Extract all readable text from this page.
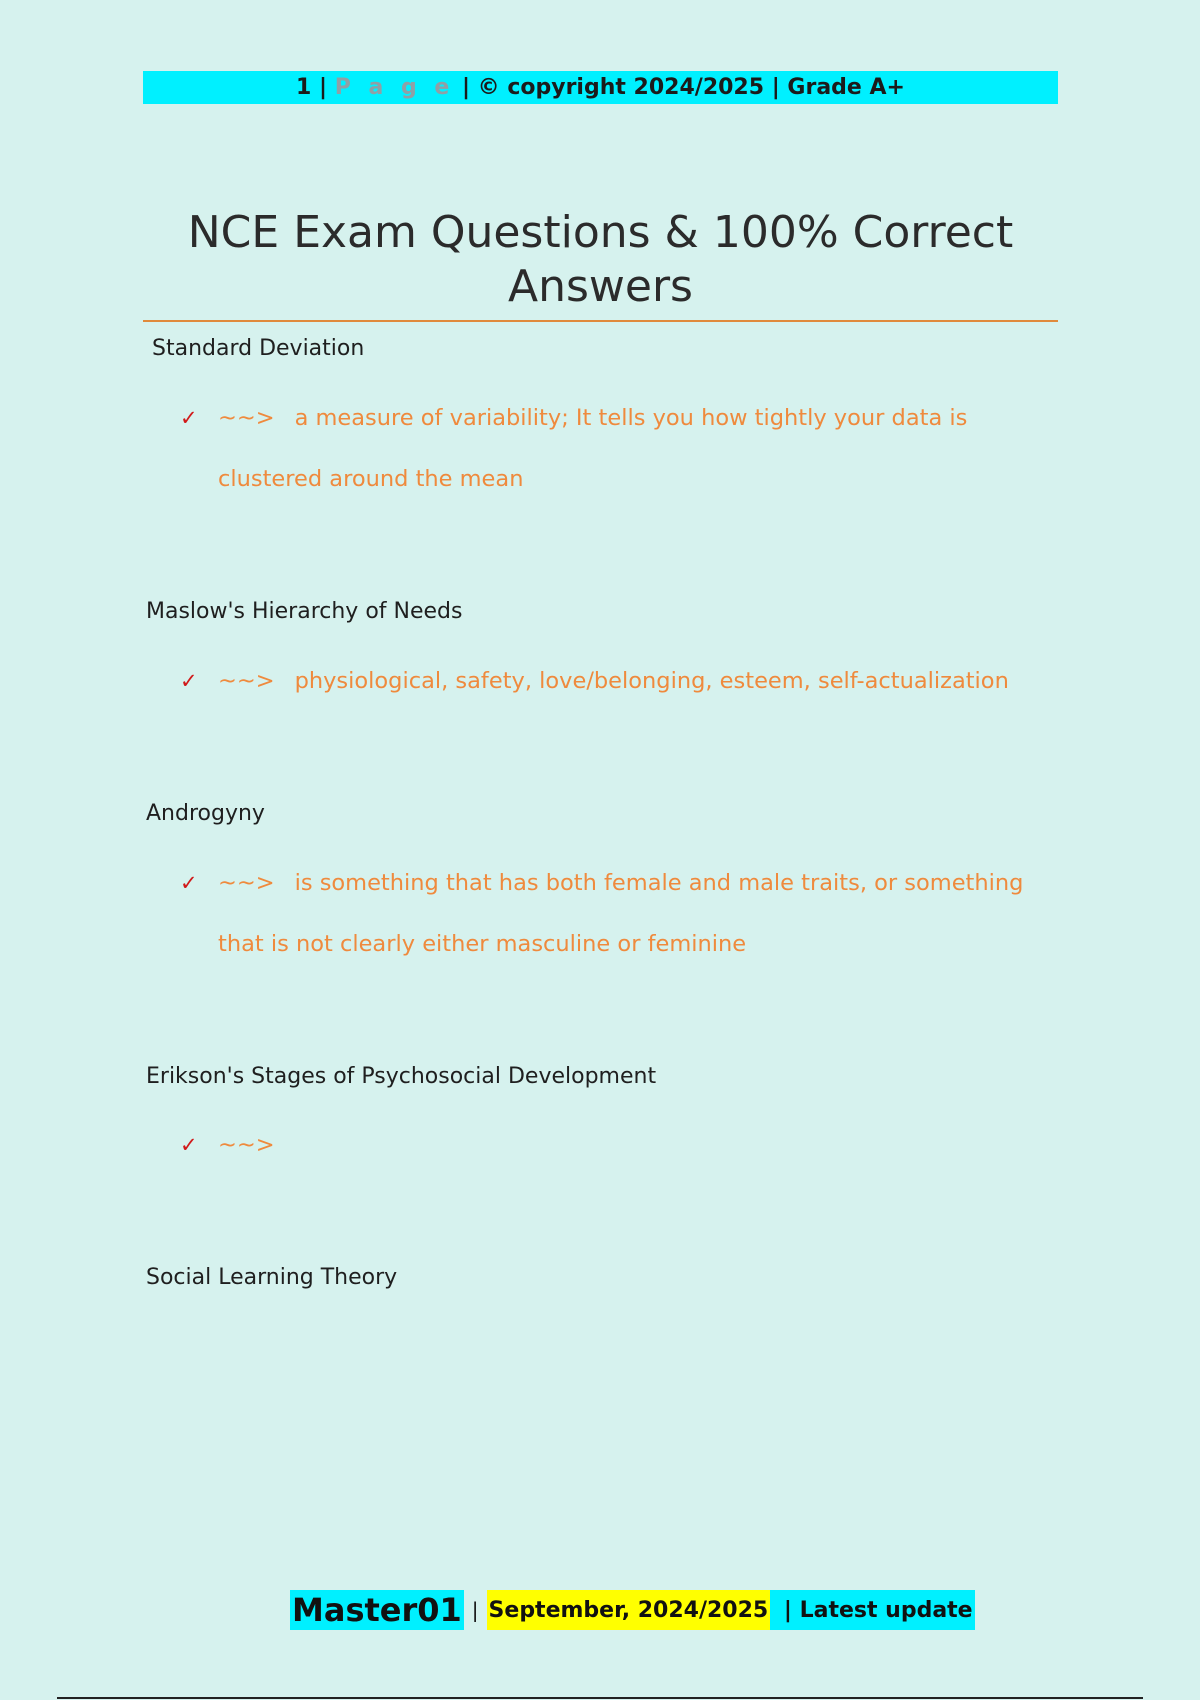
1 | P a g e | © copyright 2024/2025 | Grade A+
NCE Exam Questions & 100% Correct Answers
Standard Deviation
✓ ~~> a measure of variability; It tells you how tightly your data is clustered around the mean
Maslow's Hierarchy of Needs
✓ ~~> physiological, safety, love/belonging, esteem, self-actualization
Androgyny
✓ ~~> is something that has both female and male traits, or something that is not clearly either masculine or feminine
Erikson's Stages of Psychosocial Development
✓ ~~>
Social Learning Theory
Master01 | September, 2024/2025 | Latest update
